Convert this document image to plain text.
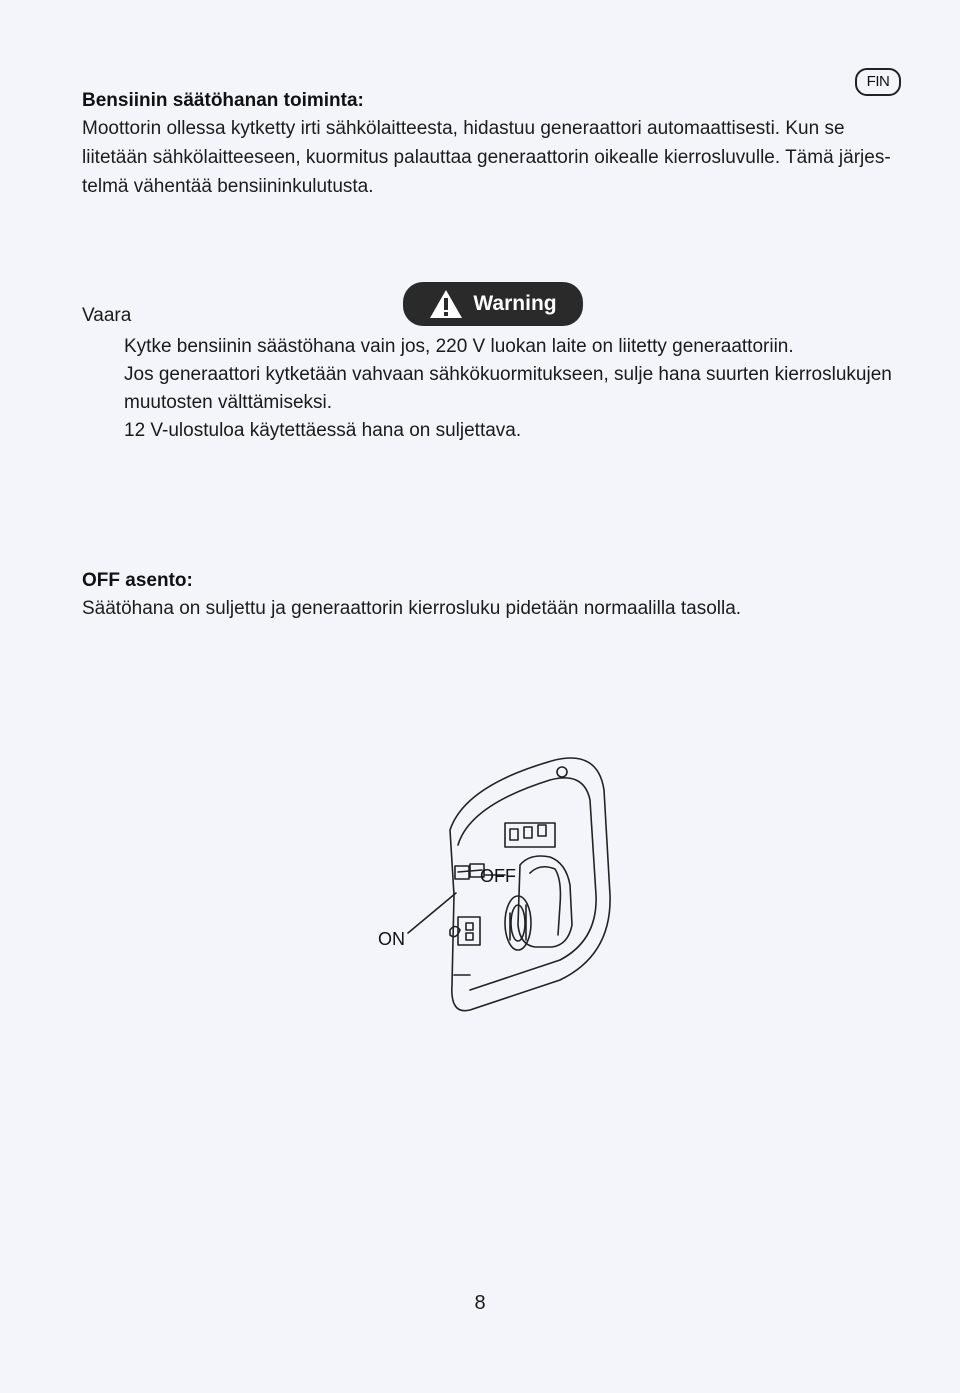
FIN
Bensiinin säätöhanan toiminta:
Moottorin ollessa kytketty irti sähkölaitteesta, hidastuu generaattori automaattisesti. Kun se
liitetään sähkölaitteeseen, kuormitus palauttaa generaattorin oikealle kierrosluvulle. Tämä järjes-
telmä vähentää bensiininkulutusta.
Warning
Vaara
Kytke bensiinin säästöhana vain jos, 220 V luokan laite on liitetty generaattoriin.
Jos generaattori kytketään vahvaan sähkökuormitukseen, sulje hana suurten kierroslukujen
muutosten välttämiseksi.
12 V-ulostuloa käytettäessä hana on suljettava.
OFF asento:
Säätöhana on suljettu ja generaattorin kierrosluku pidetään normaalilla tasolla.
ON
OFF
8
